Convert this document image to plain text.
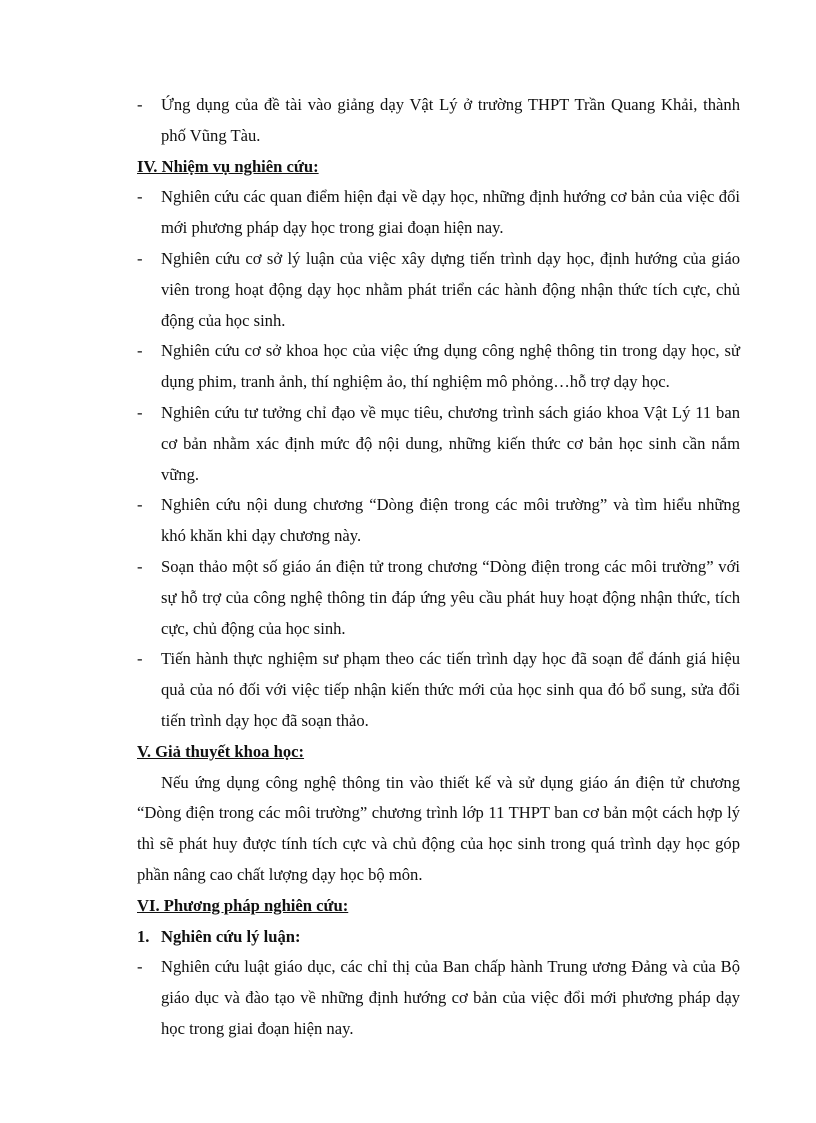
- Ứng dụng của đề tài vào giảng dạy Vật Lý ở trường THPT Trần Quang Khải, thành phố Vũng Tàu.
IV. Nhiệm vụ nghiên cứu:
- Nghiên cứu các quan điểm hiện đại về dạy học, những định hướng cơ bản của việc đổi mới phương pháp dạy học trong giai đoạn hiện nay.
- Nghiên cứu cơ sở lý luận của việc xây dựng tiến trình dạy học, định hướng của giáo viên trong hoạt động dạy học nhằm phát triển các hành động nhận thức tích cực, chủ động của học sinh.
- Nghiên cứu cơ sở khoa học của việc ứng dụng công nghệ thông tin trong dạy học, sử dụng phim, tranh ảnh, thí nghiệm ảo, thí nghiệm mô phỏng…hỗ trợ dạy học.
- Nghiên cứu tư tưởng chỉ đạo về mục tiêu, chương trình sách giáo khoa Vật Lý 11 ban cơ bản nhằm xác định mức độ nội dung, những kiến thức cơ bản học sinh cần nắm vững.
- Nghiên cứu nội dung chương “Dòng điện trong các môi trường” và tìm hiểu những khó khăn khi dạy chương này.
- Soạn thảo một số giáo án điện tử trong chương “Dòng điện trong các môi trường” với sự hỗ trợ của công nghệ thông tin đáp ứng yêu cầu phát huy hoạt động nhận thức, tích cực, chủ động của học sinh.
- Tiến hành thực nghiệm sư phạm theo các tiến trình dạy học đã soạn để đánh giá hiệu quả của nó đối với việc tiếp nhận kiến thức mới của học sinh qua đó bổ sung, sửa đổi tiến trình dạy học đã soạn thảo.
V. Giả thuyết khoa học:
Nếu ứng dụng công nghệ thông tin vào thiết kế và sử dụng giáo án điện tử chương “Dòng điện trong các môi trường” chương trình lớp 11 THPT ban cơ bản một cách hợp lý thì sẽ phát huy được tính tích cực và chủ động của học sinh trong quá trình dạy học góp phần nâng cao chất lượng dạy học bộ môn.
VI. Phương pháp nghiên cứu:
1. Nghiên cứu lý luận:
- Nghiên cứu luật giáo dục, các chỉ thị của Ban chấp hành Trung ương Đảng và của Bộ giáo dục và đào tạo về những định hướng cơ bản của việc đổi mới phương pháp dạy học trong giai đoạn hiện nay.
